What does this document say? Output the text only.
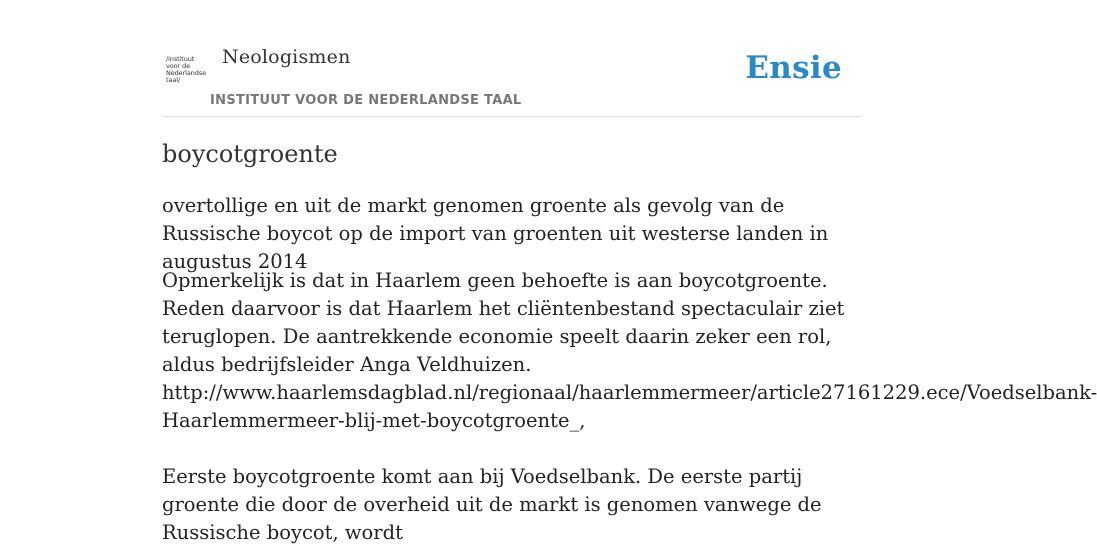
/instituut
voor de
Nederlandse
taal/
Neologismen
INSTITUUT VOOR DE NEDERLANDSE TAAL
Ensie
boycotgroente

overtollige en uit de markt genomen groente als gevolg van de Russische boycot op de import van groenten uit westerse landen in augustus 2014

Opmerkelijk is dat in Haarlem geen behoefte is aan boycotgroente. Reden daarvoor is dat Haarlem het cliëntenbestand spectaculair ziet teruglopen. De aantrekkende economie speelt daarin zeker een rol, aldus bedrijfsleider Anga Veldhuizen.
http://www.haarlemsdagblad.nl/regionaal/haarlemmermeer/article27161229.ece/Voedselbank-
Haarlemmermeer-blij-met-boycotgroente_,
Eerste boycotgroente komt aan bij Voedselbank. De eerste partij groente die door de overheid uit de markt is genomen vanwege de Russische boycot, wordt
